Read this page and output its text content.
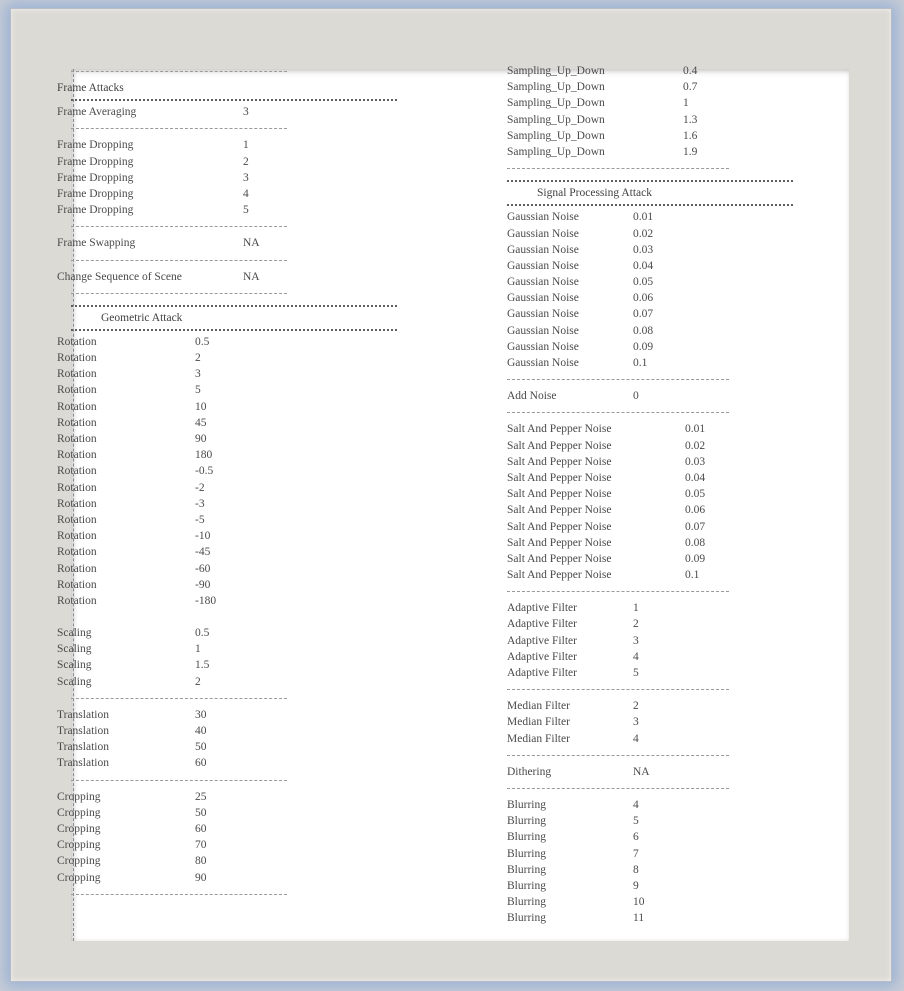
Frame Attacks
Frame Averaging	3
Frame Dropping	1
Frame Dropping	2
Frame Dropping	3
Frame Dropping	4
Frame Dropping	5
Frame Swapping	NA
Change Sequence of Scene	NA
Geometric Attack
Rotation	0.5
Rotation	2
Rotation	3
Rotation	5
Rotation	10
Rotation	45
Rotation	90
Rotation	180
Rotation	-0.5
Rotation	-2
Rotation	-3
Rotation	-5
Rotation	-10
Rotation	-45
Rotation	-60
Rotation	-90
Rotation	-180
Scaling	0.5
Scaling	1
Scaling	1.5
Scaling	2
Translation	30
Translation	40
Translation	50
Translation	60
Cropping	25
Cropping	50
Cropping	60
Cropping	70
Cropping	80
Cropping	90
Sampling_Up_Down	0.4
Sampling_Up_Down	0.7
Sampling_Up_Down	1
Sampling_Up_Down	1.3
Sampling_Up_Down	1.6
Sampling_Up_Down	1.9
Signal Processing Attack
Gaussian Noise	0.01
Gaussian Noise	0.02
Gaussian Noise	0.03
Gaussian Noise	0.04
Gaussian Noise	0.05
Gaussian Noise	0.06
Gaussian Noise	0.07
Gaussian Noise	0.08
Gaussian Noise	0.09
Gaussian Noise	0.1
Add Noise	0
Salt And Pepper Noise	0.01
Salt And Pepper Noise	0.02
Salt And Pepper Noise	0.03
Salt And Pepper Noise	0.04
Salt And Pepper Noise	0.05
Salt And Pepper Noise	0.06
Salt And Pepper Noise	0.07
Salt And Pepper Noise	0.08
Salt And Pepper Noise	0.09
Salt And Pepper Noise	0.1
Adaptive Filter	1
Adaptive Filter	2
Adaptive Filter	3
Adaptive Filter	4
Adaptive Filter	5
Median Filter	2
Median Filter	3
Median Filter	4
Dithering	NA
Blurring	4
Blurring	5
Blurring	6
Blurring	7
Blurring	8
Blurring	9
Blurring	10
Blurring	11
